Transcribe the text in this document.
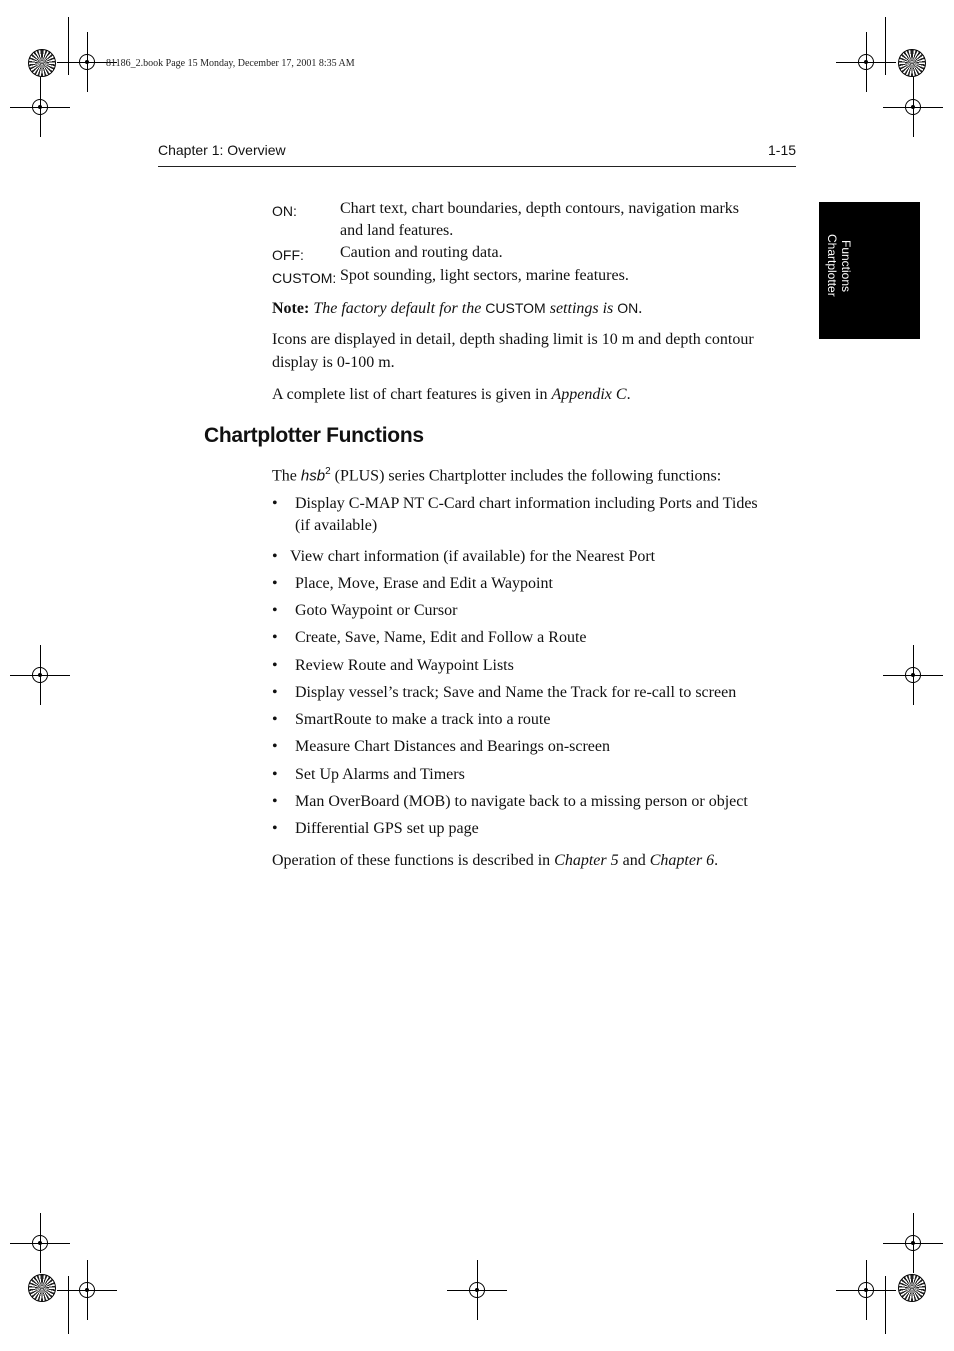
81186_2.book Page 15 Monday, December 17, 2001 8:35 AM
Chapter 1: Overview	1-15
Chartplotter Functions
ON:	Chart text, chart boundaries, depth contours, navigation marks
and land features.
OFF: Caution and routing data.
CUSTOM: Spot sounding, light sectors, marine features.
Note: The factory default for the CUSTOM settings is ON.
Icons are displayed in detail, depth shading limit is 10 m and depth contour
display is 0-100 m.
A complete list of chart features is given in Appendix C.
Chartplotter Functions
The hsb$^2$ (PLUS) series Chartplotter includes the following functions:
• Display C-MAP NT C-Card chart information including Ports and Tides
(if available)
• View chart information (if available) for the Nearest Port
• Place, Move, Erase and Edit a Waypoint
• Goto Waypoint or Cursor
• Create, Save, Name, Edit and Follow a Route
• Review Route and Waypoint Lists
• Display vessel’s track; Save and Name the Track for re-call to screen
• SmartRoute to make a track into a route
• Measure Chart Distances and Bearings on-screen
• Set Up Alarms and Timers
• Man OverBoard (MOB) to navigate back to a missing person or object
• Differential GPS set up page
Operation of these functions is described in Chapter 5 and Chapter 6.
